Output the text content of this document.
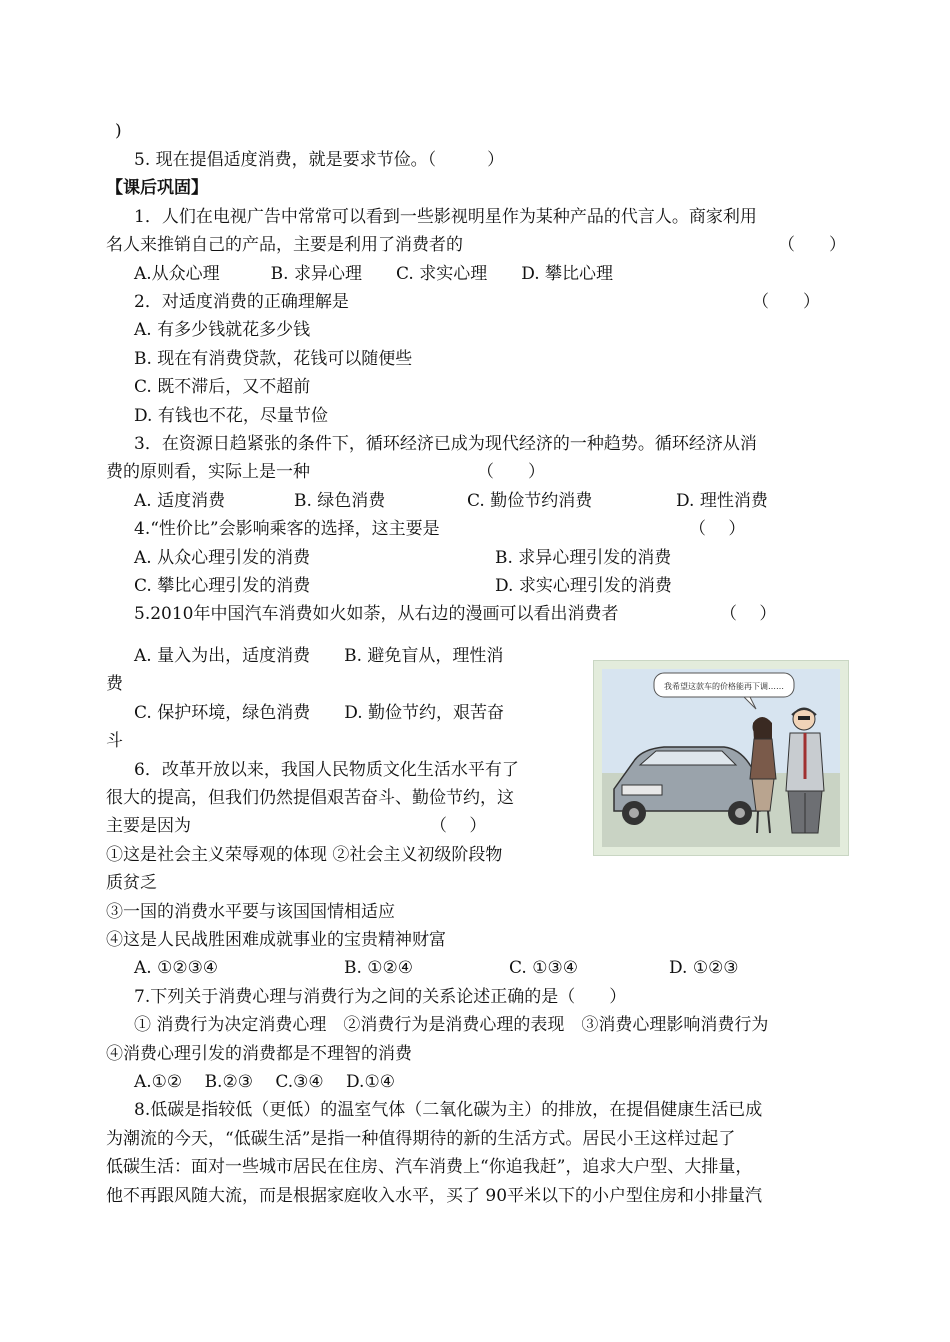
)
5. 现在提倡适度消费，就是要求节俭。（　　　）
【课后巩固】
1．人们在电视广告中常常可以看到一些影视明星作为某种产品的代言人。商家利用
名人来推销自己的产品，主要是利用了消费者的	（　　）
A.从众心理　　　B. 求异心理　　C. 求实心理　　D. 攀比心理
2．对适度消费的正确理解是	（　　）
A. 有多少钱就花多少钱
B. 现在有消费贷款，花钱可以随便些
C. 既不滞后，又不超前
D. 有钱也不花，尽量节俭
3．在资源日趋紧张的条件下，循环经济已成为现代经济的一种趋势。循环经济从消
费的原则看，实际上是一种	（　　）
A. 适度消费	B. 绿色消费	C. 勤俭节约消费	D. 理性消费
4.“性价比”会影响乘客的选择，这主要是	（　 ）
A. 从众心理引发的消费	B. 求异心理引发的消费
C. 攀比心理引发的消费	D. 求实心理引发的消费
5.2010年中国汽车消费如火如荼，从右边的漫画可以看出消费者	（　 ）
A. 量入为出，适度消费　　B. 避免盲从，理性消
费
C. 保护环境，绿色消费　　D. 勤俭节约，艰苦奋
斗
6．改革开放以来，我国人民物质文化生活水平有了
很大的提高，但我们仍然提倡艰苦奋斗、勤俭节约，这
主要是因为	（　 ）
①这是社会主义荣辱观的体现 ②社会主义初级阶段物
质贫乏
③一国的消费水平要与该国国情相适应
④这是人民战胜困难成就事业的宝贵精神财富
A. ①②③④	B. ①②④	C. ①③④	D. ①②③
7.下列关于消费心理与消费行为之间的关系论述正确的是（　　）
① 消费行为决定消费心理　②消费行为是消费心理的表现　③消费心理影响消费行为
④消费心理引发的消费都是不理智的消费
A.①②　 B.②③　 C.③④　 D.①④
8.低碳是指较低（更低）的温室气体（二氧化碳为主）的排放，在提倡健康生活已成
为潮流的今天，“低碳生活”是指一种值得期待的新的生活方式。居民小王这样过起了
低碳生活：面对一些城市居民在住房、汽车消费上“你追我赶”，追求大户型、大排量，
他不再跟风随大流，而是根据家庭收入水平，买了 90平米以下的小户型住房和小排量汽
我希望这款车的价格能再下调……
